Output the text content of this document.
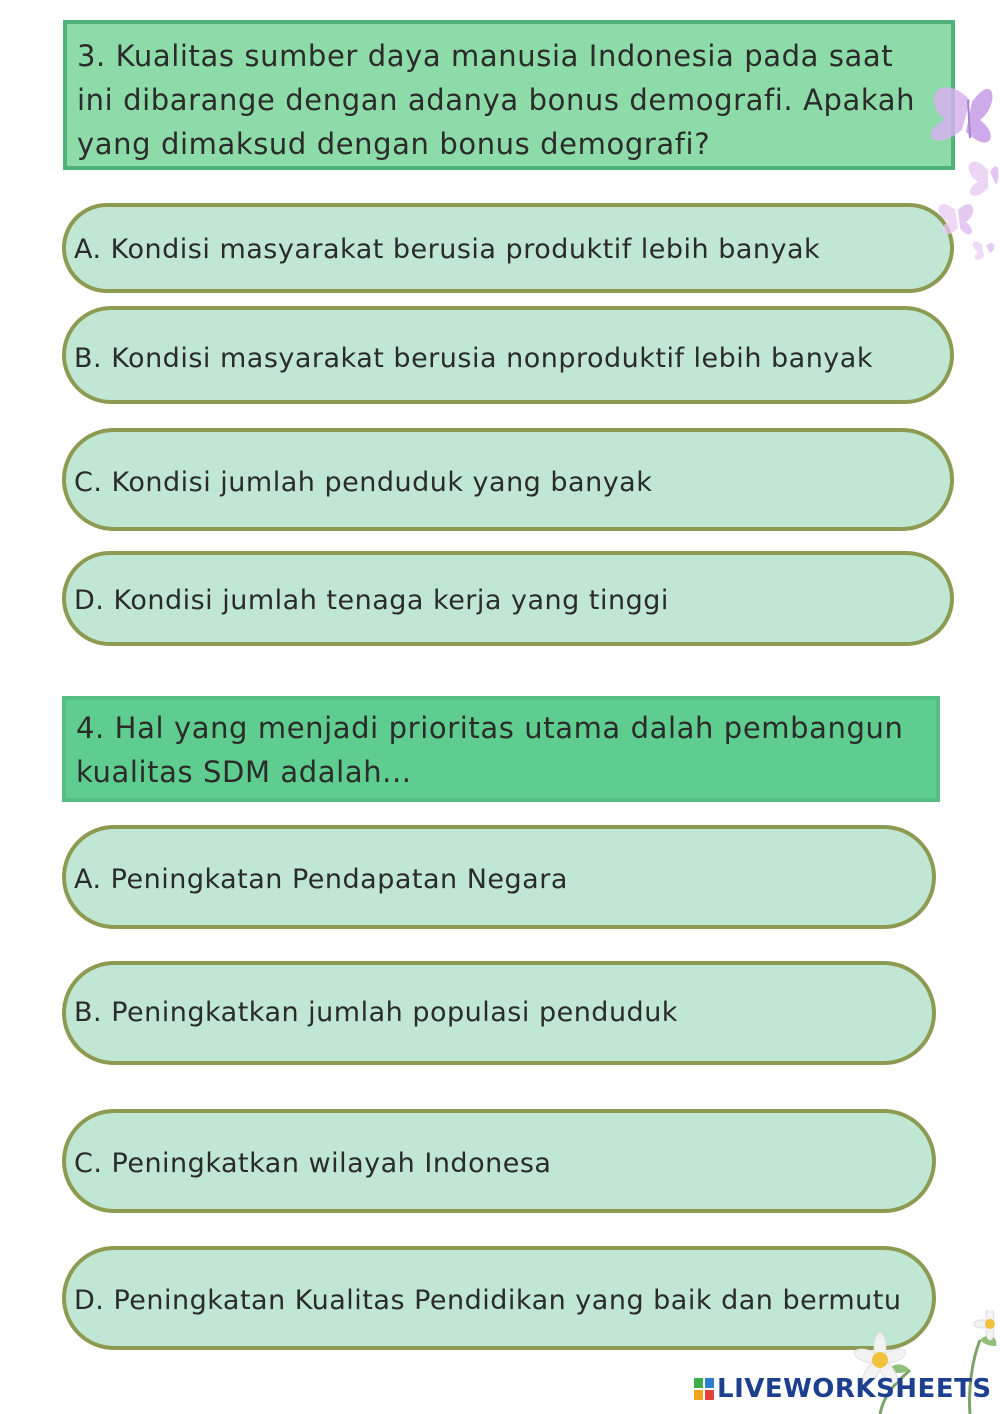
3. Kualitas sumber daya manusia Indonesia pada saat ini dibarange dengan adanya bonus demografi. Apakah yang dimaksud dengan bonus demografi?
A. Kondisi masyarakat berusia produktif lebih banyak
B. Kondisi masyarakat berusia nonproduktif lebih banyak
C. Kondisi jumlah penduduk yang banyak
D. Kondisi jumlah tenaga kerja yang tinggi
4. Hal yang menjadi prioritas utama dalah pembangun kualitas SDM adalah...
A. Peningkatan Pendapatan Negara
B. Peningkatkan jumlah populasi penduduk
C. Peningkatkan wilayah Indonesa
D. Peningkatan Kualitas Pendidikan yang baik dan bermutu
LIVEWORKSHEETS
